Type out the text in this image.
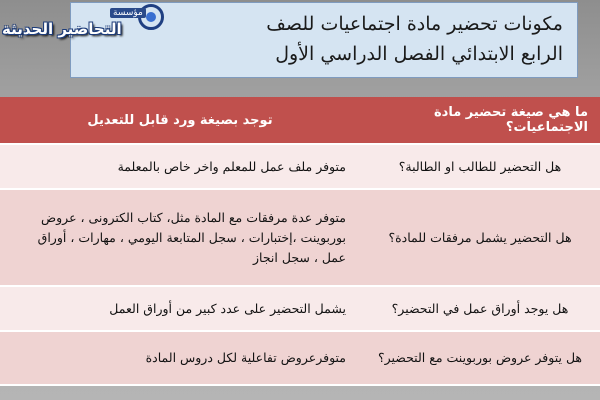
مكونات تحضير مادة اجتماعيات للصف
الرابع الابتدائي الفصل الدراسي الأول
مؤسسة
التحاضير الحديثة
ما هي صيغة تحضير مادة الاجتماعيات؟	توجد بصيغة ورد قابل للتعديل
هل التحضير للطالب او الطالبة؟	متوفر ملف عمل للمعلم واخر خاص بالمعلمة
هل التحضير يشمل مرفقات للمادة؟	متوفر عدة مرفقات مع المادة مثل، كتاب الكترونى ، عروض بوربوينت ،إختبارات ، سجل المتابعة اليومي ، مهارات ، أوراق عمل ، سجل انجاز
هل يوجد أوراق عمل في التحضير؟	يشمل التحضير على عدد كبير من أوراق العمل
هل يتوفر عروض بوربوينت مع التحضير؟	متوفرعروض تفاعلية لكل دروس المادة
